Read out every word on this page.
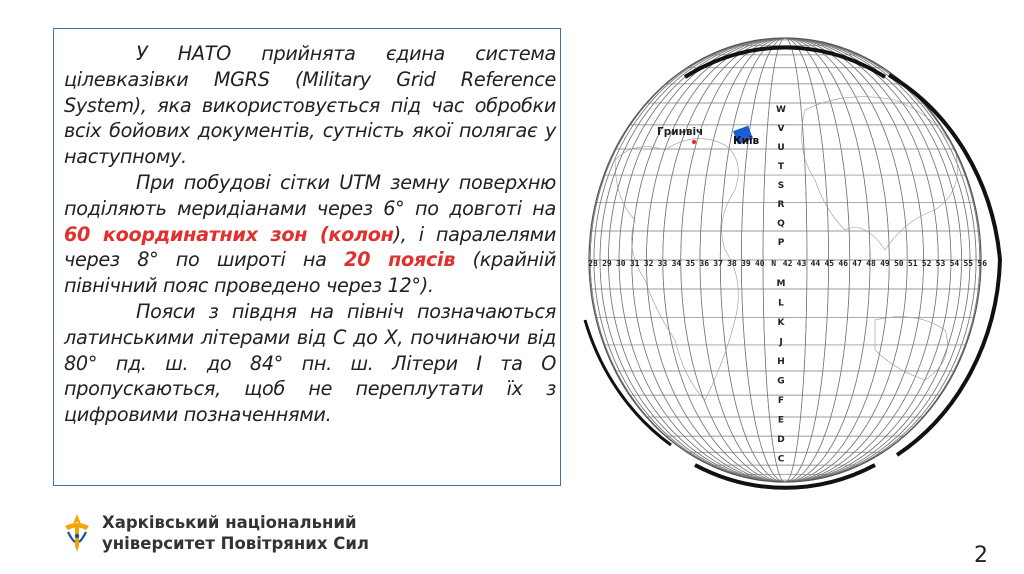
У НАТО прийнята єдина система цілевказівки MGRS (Military Grid Reference System), яка використовується під час обробки всіх бойових документів, сутність якої полягає у наступному.

При побудові сітки UTM земну поверхню поділяють меридіанами через 6° по довготі на 60 координатних зон (колон), і паралелями через 8° по широті на 20 поясів (крайній північний пояс проведено через 12°).

Пояси з півдня на північ позначаються латинськими літерами від C до X, починаючи від 80° пд. ш. до 84° пн. ш. Літери I та O пропускаються, щоб не переплутати їх з цифровими позначеннями.

28 29 30 31 32 33 34 35 36 37 38 39 40 N 42 43 44 45 46 47 48 49 50 51 52 53 54 55 56
W
V
U
T
S
R
Q
P
M
L
K
J
H
G
F
E
D
C
Гринвіч
Київ
Харківський національний
університет Повітряних Сил	2
